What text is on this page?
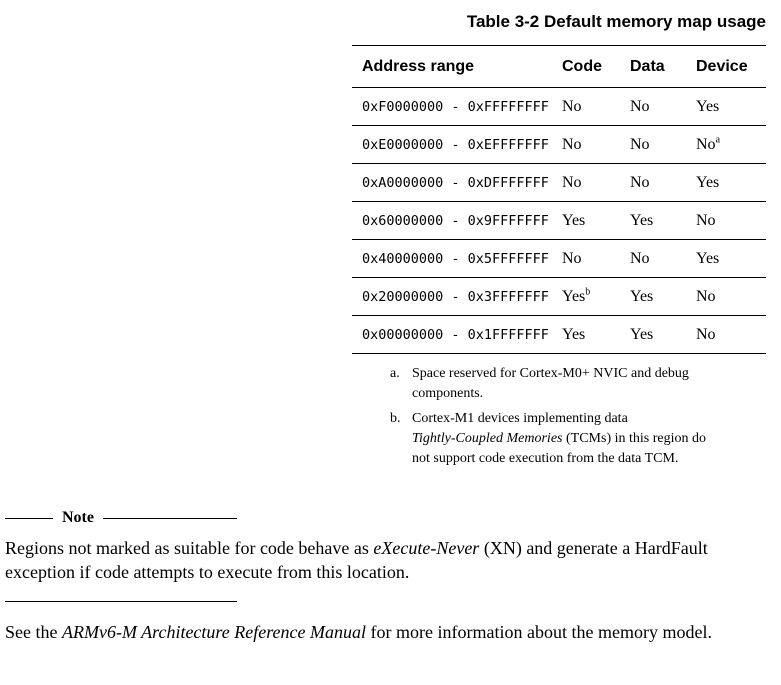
Table 3-2 Default memory map usage
Address range	Code	Data	Device
0xF0000000 - 0xFFFFFFFF	No	No	Yes
0xE0000000 - 0xEFFFFFFF	No	No	No$^a$
0xA0000000 - 0xDFFFFFFF	No	No	Yes
0x60000000 - 0x9FFFFFFF	Yes	Yes	No
0x40000000 - 0x5FFFFFFF	No	No	Yes
0x20000000 - 0x3FFFFFFF	Yes$^b$	Yes	No
0x00000000 - 0x1FFFFFFF	Yes	Yes	No
a. Space reserved for Cortex-M0+ NVIC and debug components.
b. Cortex-M1 devices implementing data Tightly-Coupled Memories (TCMs) in this region do not support code execution from the data TCM.
Note

Regions not marked as suitable for code behave as eXecute-Never (XN) and generate a HardFault exception if code attempts to execute from this location.

See the ARMv6-M Architecture Reference Manual for more information about the memory model.
